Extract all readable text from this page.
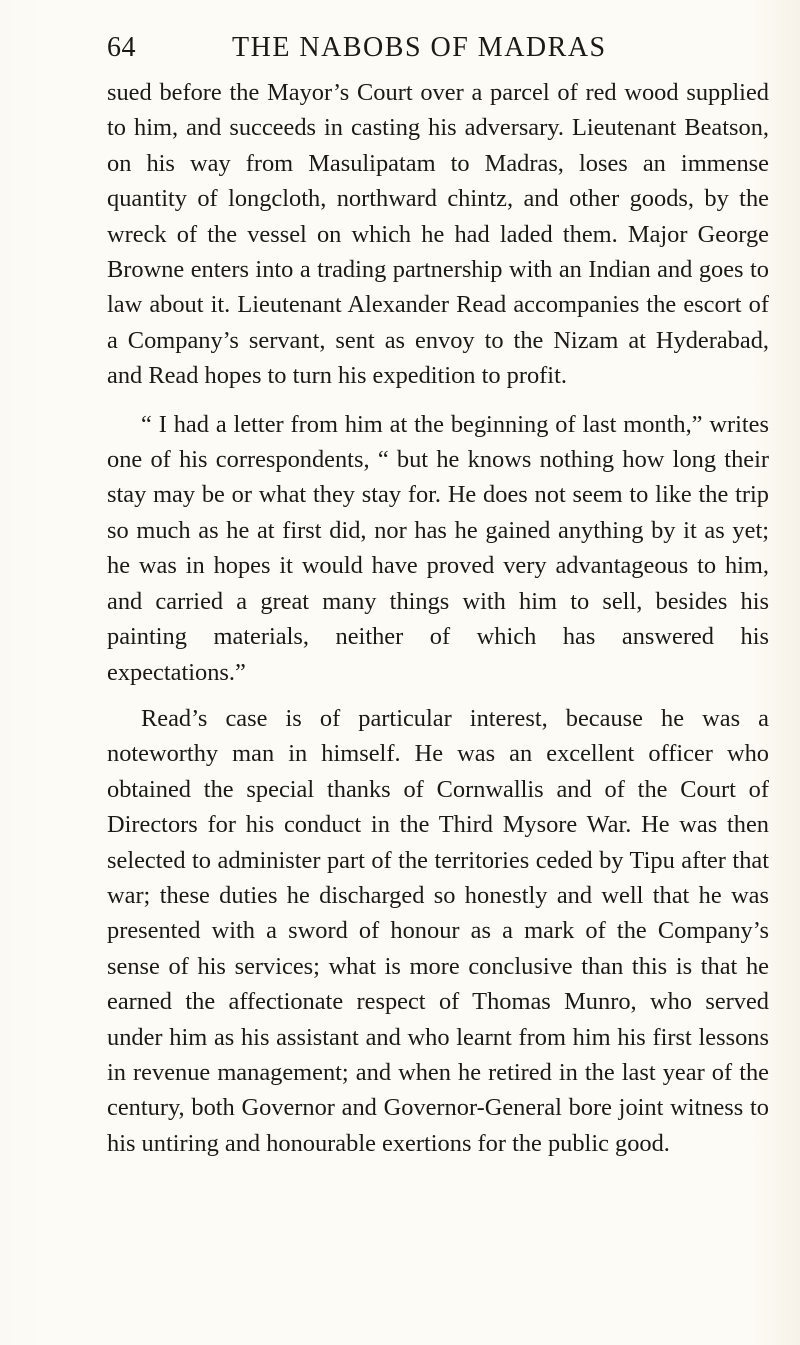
64	THE NABOBS OF MADRAS

sued before the Mayor’s Court over a parcel of red wood supplied to him, and succeeds in casting his adversary. Lieutenant Beatson, on his way from Masulipatam to Madras, loses an immense quantity of longcloth, northward chintz, and other goods, by the wreck of the vessel on which he had laded them. Major George Browne enters into a trading partnership with an Indian and goes to law about it. Lieutenant Alexander Read accompanies the escort of a Company’s servant, sent as envoy to the Nizam at Hyderabad, and Read hopes to turn his expedition to profit.

“ I had a letter from him at the beginning of last month,” writes one of his correspondents, “ but he knows nothing how long their stay may be or what they stay for. He does not seem to like the trip so much as he at first did, nor has he gained anything by it as yet; he was in hopes it would have proved very advantageous to him, and carried a great many things with him to sell, besides his painting materials, neither of which has answered his expectations.”

Read’s case is of particular interest, because he was a noteworthy man in himself. He was an excellent officer who obtained the special thanks of Cornwallis and of the Court of Directors for his conduct in the Third Mysore War. He was then selected to administer part of the territories ceded by Tipu after that war; these duties he discharged so honestly and well that he was presented with a sword of honour as a mark of the Company’s sense of his services; what is more conclusive than this is that he earned the affectionate respect of Thomas Munro, who served under him as his assistant and who learnt from him his first lessons in revenue management; and when he retired in the last year of the century, both Governor and Governor-General bore joint witness to his untiring and honourable exertions for the public good.
